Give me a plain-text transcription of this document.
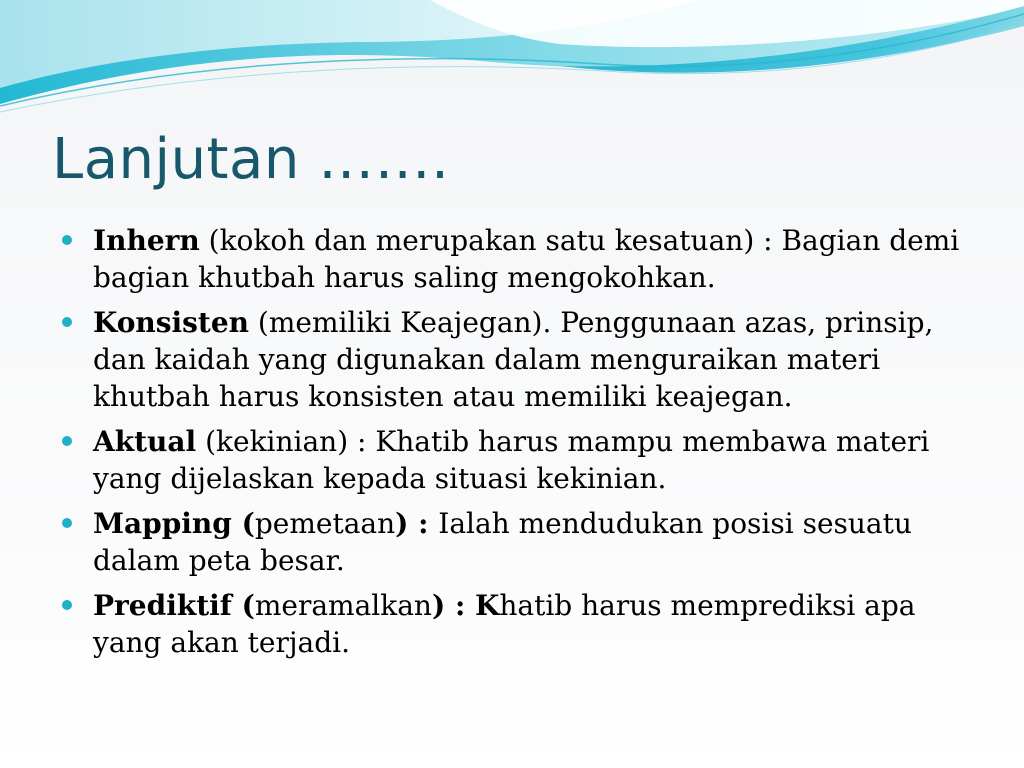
Lanjutan …….
Inhern (kokoh dan merupakan satu kesatuan) : Bagian demi bagian khutbah harus saling mengokohkan.
Konsisten (memiliki Keajegan). Penggunaan azas, prinsip, dan kaidah yang digunakan dalam menguraikan materi khutbah harus konsisten atau memiliki keajegan.
Aktual (kekinian) : Khatib harus mampu membawa materi yang dijelaskan kepada situasi kekinian.
Mapping (pemetaan) : Ialah mendudukan posisi sesuatu dalam peta besar.
Prediktif (meramalkan) : Khatib harus memprediksi apa yang akan terjadi.
